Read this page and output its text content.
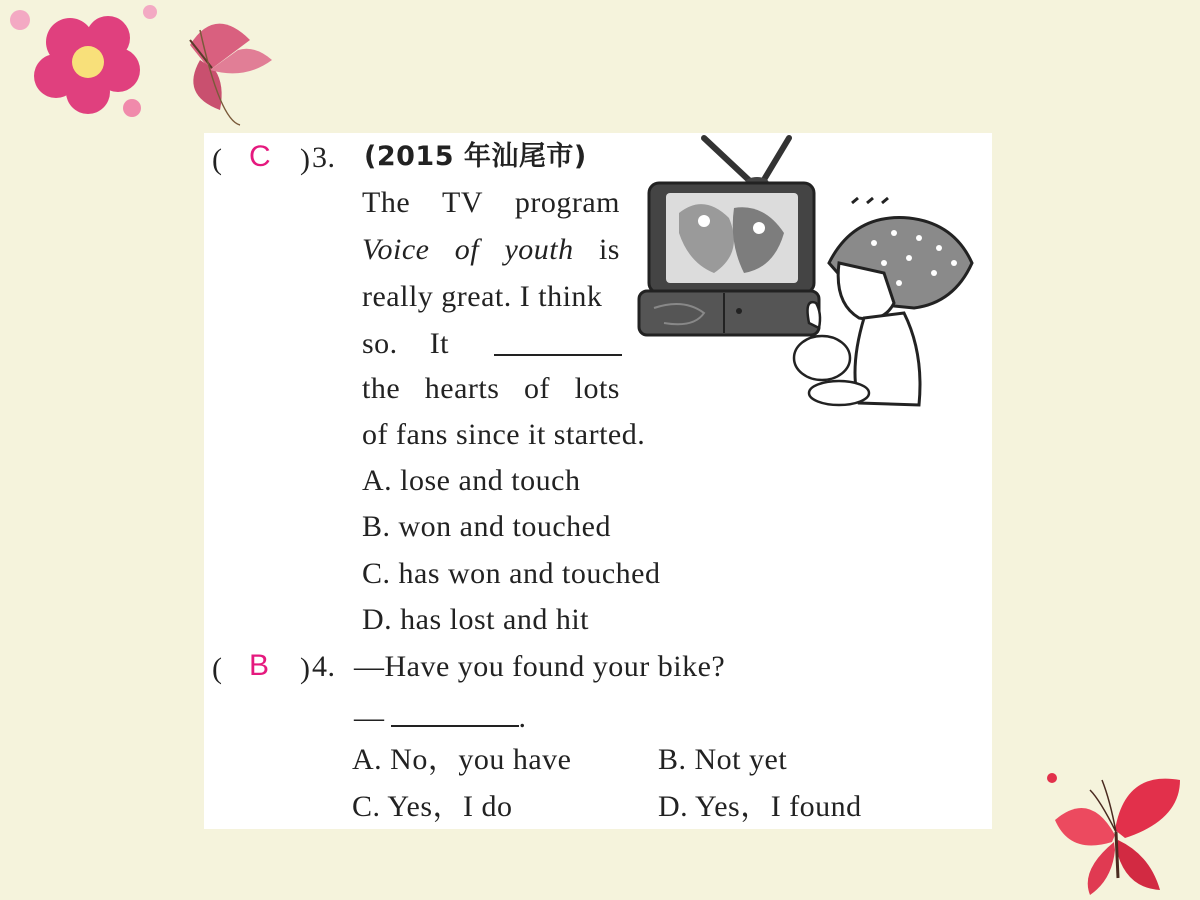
( C ) 3. (2015 年汕尾市)
The TV program
Voice of youth is
really great. I think
so. It
the hearts of lots
of fans since it started.
A. lose and touch
B. won and touched
C. has won and touched
D. has lost and hit
( B ) 4. —Have you found your bike?
—	.
A. No，you have	B. Not yet
C. Yes，I do	D. Yes，I found
